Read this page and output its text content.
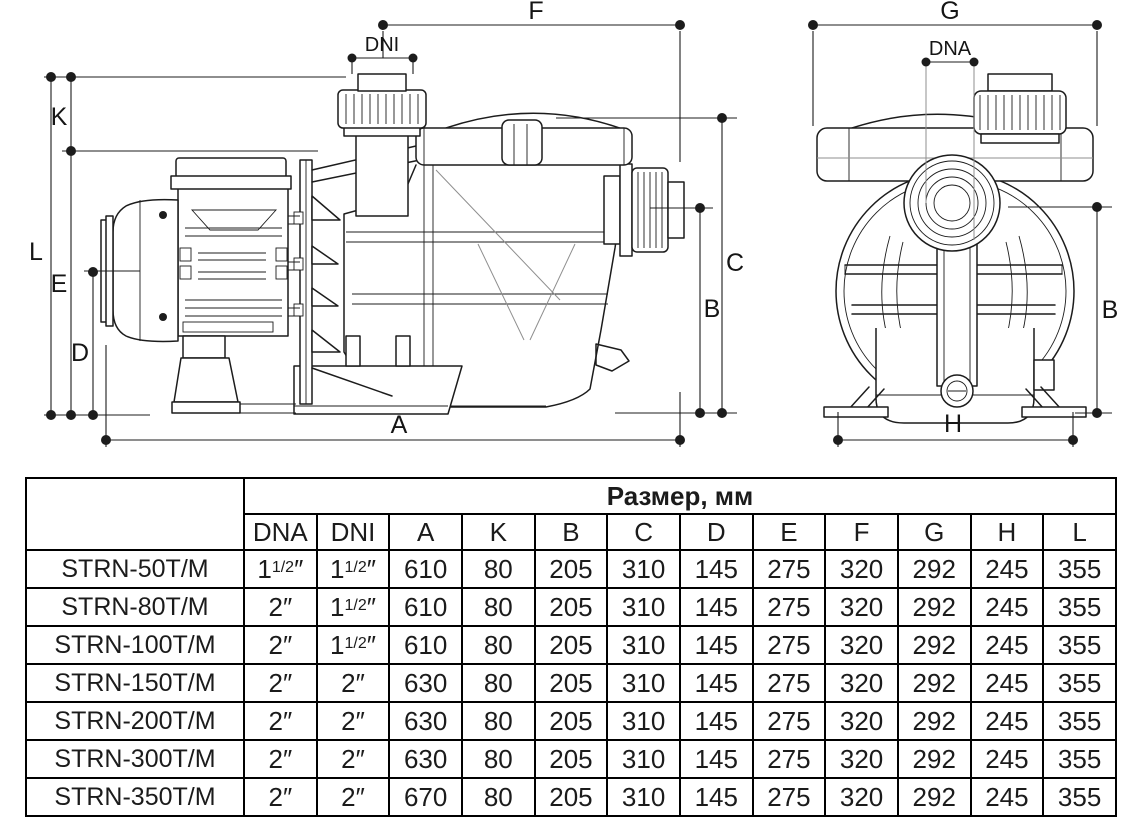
F
DNI
G
DNA
K
L
E
D
A
B
C
B
H
	Размер, мм											
	DNA	DNI	A	K	B	C	D	E	F	G	H	L
STRN-50T/M	$1^{1/2}''$	$1^{1/2}''$	610	80	205	310	145	275	320	292	245	355
STRN-80T/M	2″	$1^{1/2}''$	610	80	205	310	145	275	320	292	245	355
STRN-100T/M	2″	$1^{1/2}''$	610	80	205	310	145	275	320	292	245	355
STRN-150T/M	2″	2″	630	80	205	310	145	275	320	292	245	355
STRN-200T/M	2″	2″	630	80	205	310	145	275	320	292	245	355
STRN-300T/M	2″	2″	630	80	205	310	145	275	320	292	245	355
STRN-350T/M	2″	2″	670	80	205	310	145	275	320	292	245	355
